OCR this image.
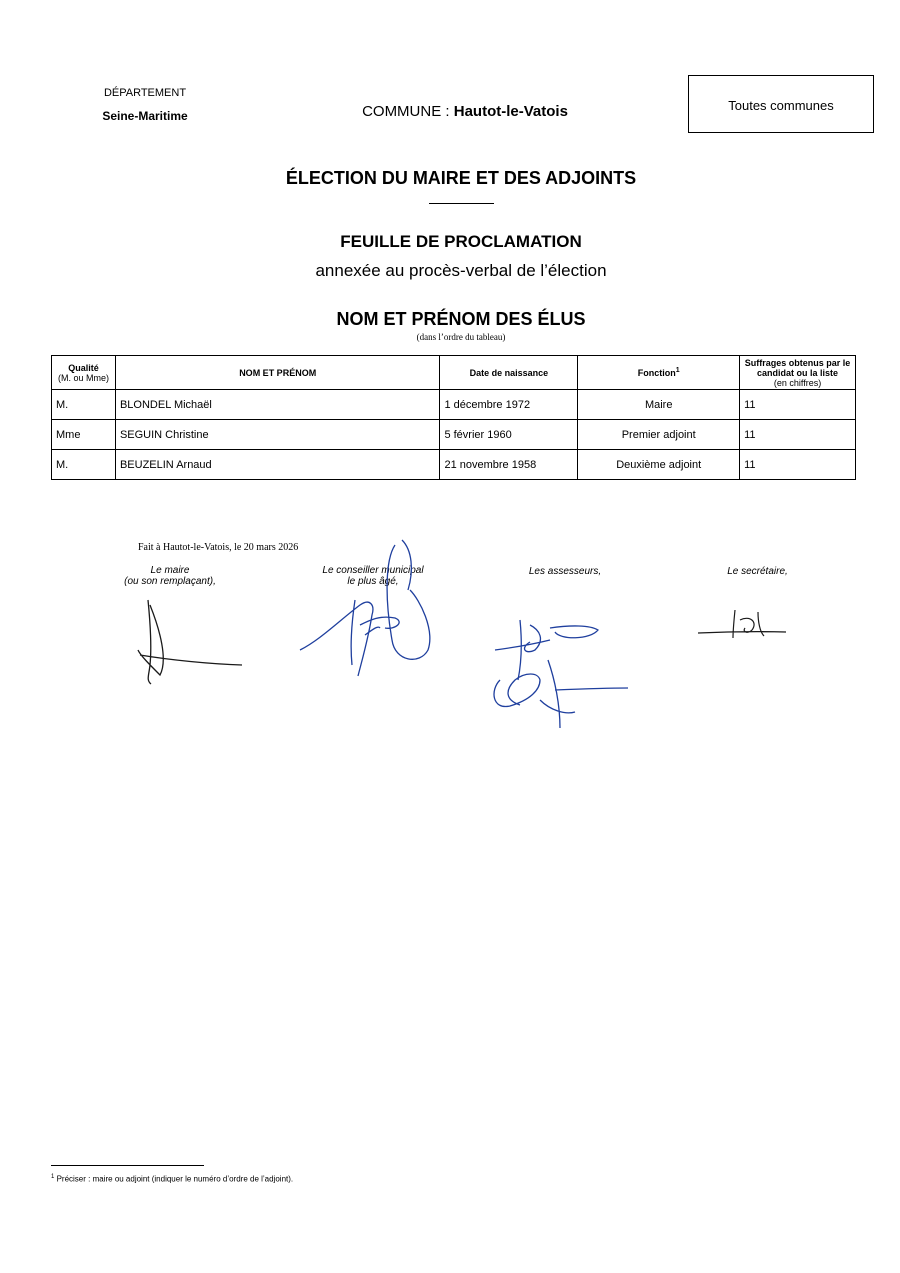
DÉPARTEMENT
Seine-Maritime	COMMUNE : Hautot-le-Vatois	Toutes communes
ÉLECTION DU MAIRE ET DES ADJOINTS
FEUILLE DE PROCLAMATION
annexée au procès-verbal de l’élection
NOM ET PRÉNOM DES ÉLUS
(dans l’ordre du tableau)
Qualité
(M. ou Mme)	NOM ET PRÉNOM	Date de naissance	Fonction$^1$	Suffrages obtenus par le candidat ou la liste
(en chiffres)
M.	BLONDEL Michaël	1 décembre 1972	Maire	11
Mme	SEGUIN Christine	5 février 1960	Premier adjoint	11
M.	BEUZELIN Arnaud	21 novembre 1958	Deuxième adjoint	11
Fait à Hautot-le-Vatois, le 20 mars 2026
Le maire
(ou son remplaçant),
Le conseiller municipal
le plus âgé,
Les assesseurs,	Le secrétaire,
$^1$ Préciser : maire ou adjoint (indiquer le numéro d’ordre de l’adjoint).
